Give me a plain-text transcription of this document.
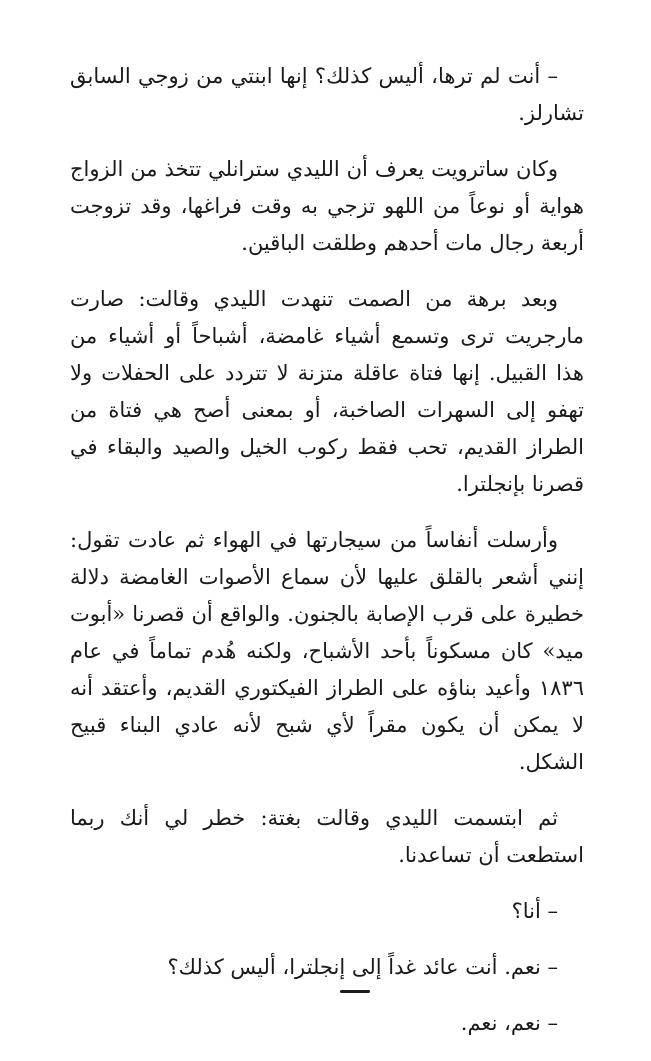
– أنت لم ترها، أليس كذلك؟ إنها ابنتي من زوجي السابق تشارلز.

وكان ساترويت يعرف أن الليدي سترانلي تتخذ من الزواج هواية أو نوعاً من اللهو تزجي به وقت فراغها، وقد تزوجت أربعة رجال مات أحدهم وطلقت الباقين.

وبعد برهة من الصمت تنهدت الليدي وقالت: صارت مارجريت ترى وتسمع أشياء غامضة، أشباحاً أو أشياء من هذا القبيل. إنها فتاة عاقلة متزنة لا تتردد على الحفلات ولا تهفو إلى السهرات الصاخبة، أو بمعنى أصح هي فتاة من الطراز القديم، تحب فقط ركوب الخيل والصيد والبقاء في قصرنا بإنجلترا.

وأرسلت أنفاساً من سيجارتها في الهواء ثم عادت تقول: إنني أشعر بالقلق عليها لأن سماع الأصوات الغامضة دلالة خطيرة على قرب الإصابة بالجنون. والواقع أن قصرنا «أبوت ميد» كان مسكوناً بأحد الأشباح، ولكنه هُدم تماماً في عام ١٨٣٦ وأعيد بناؤه على الطراز الفيكتوري القديم، وأعتقد أنه لا يمكن أن يكون مقراً لأي شبح لأنه عادي البناء قبيح الشكل.

ثم ابتسمت الليدي وقالت بغتة: خطر لي أنك ربما استطعت أن تساعدنا.

– أنا؟

– نعم. أنت عائد غداً إلى إنجلترا، أليس كذلك؟

– نعم، نعم.
